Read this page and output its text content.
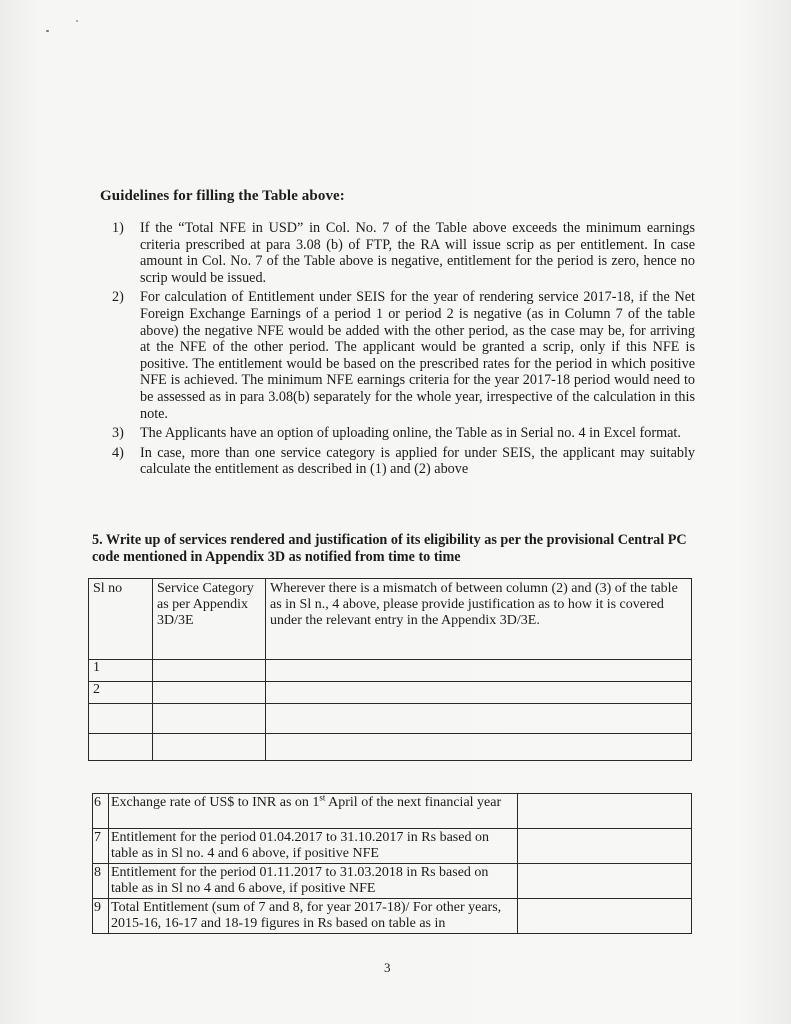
Guidelines for filling the Table above:
1) If the “Total NFE in USD” in Col. No. 7 of the Table above exceeds the minimum earnings criteria prescribed at para 3.08 (b) of FTP, the RA will issue scrip as per entitlement. In case amount in Col. No. 7 of the Table above is negative, entitlement for the period is zero, hence no scrip would be issued.
2) For calculation of Entitlement under SEIS for the year of rendering service 2017-18, if the Net Foreign Exchange Earnings of a period 1 or period 2 is negative (as in Column 7 of the table above) the negative NFE would be added with the other period, as the case may be, for arriving at the NFE of the other period. The applicant would be granted a scrip, only if this NFE is positive. The entitlement would be based on the prescribed rates for the period in which positive NFE is achieved. The minimum NFE earnings criteria for the year 2017-18 period would need to be assessed as in para 3.08(b) separately for the whole year, irrespective of the calculation in this note.
3) The Applicants have an option of uploading online, the Table as in Serial no. 4 in Excel format.
4) In case, more than one service category is applied for under SEIS, the applicant may suitably calculate the entitlement as described in (1) and (2) above
5. Write up of services rendered and justification of its eligibility as per the provisional Central PC code mentioned in Appendix 3D as notified from time to time
Sl no	Service Category as per Appendix 3D/3E	Wherever there is a mismatch of between column (2) and (3) of the table as in Sl n., 4 above, please provide justification as to how it is covered under the relevant entry in the Appendix 3D/3E.
1		
2		

6	Exchange rate of US$ to INR as on 1st April of the next financial year	
7	Entitlement for the period 01.04.2017 to 31.10.2017 in Rs based on table as in Sl no. 4 and 6 above, if positive NFE	
8	Entitlement for the period 01.11.2017 to 31.03.2018 in Rs based on table as in Sl no 4 and 6 above, if positive NFE	
9	Total Entitlement (sum of 7 and 8, for year 2017-18)/ For other years, 2015-16, 16-17 and 18-19 figures in Rs based on table as in	
3
